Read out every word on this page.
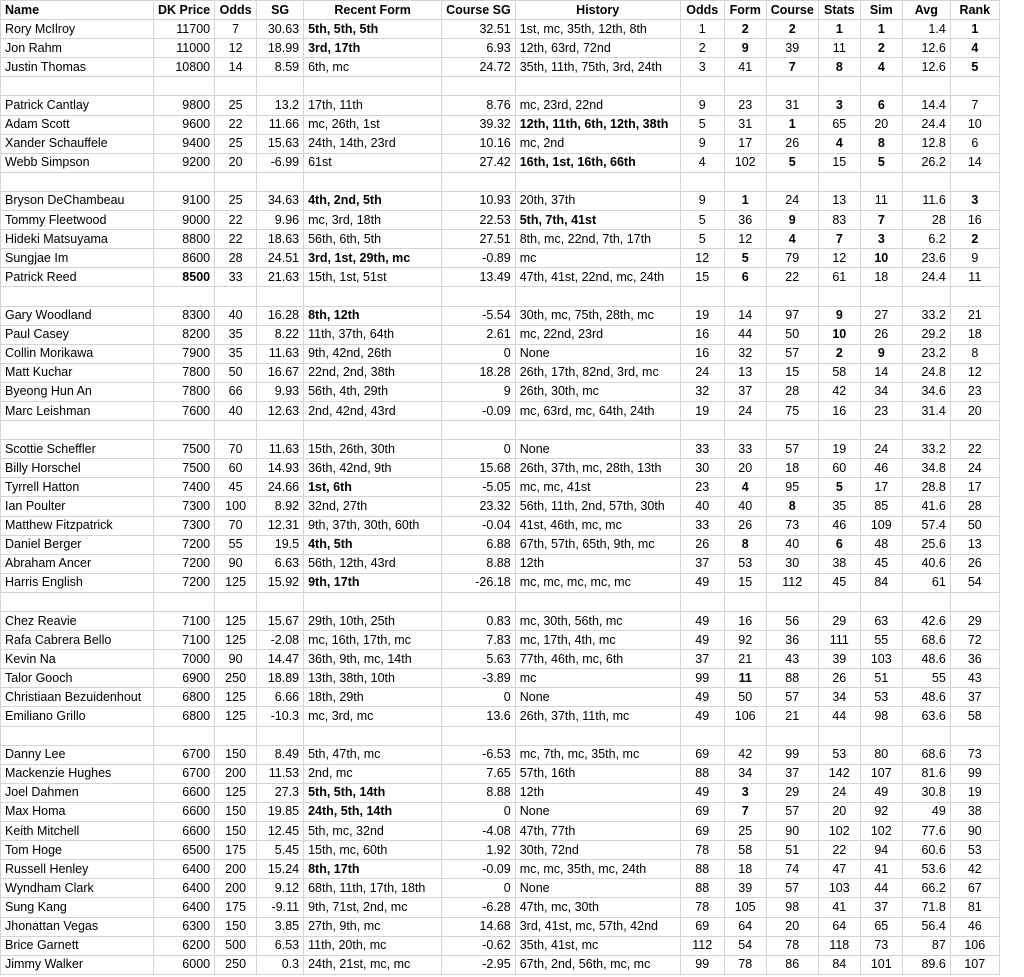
Name	DK Price	Odds	SG	Recent Form	Course SG	History	Odds	Form	Course	Stats	Sim	Avg	Rank
Rory McIlroy	11700	7	30.63	5th, 5th, 5th	32.51	1st, mc, 35th, 12th, 8th	1	2	2	1	1	1.4	1
Jon Rahm	11000	12	18.99	3rd, 17th	6.93	12th, 63rd, 72nd	2	9	39	11	2	12.6	4
Justin Thomas	10800	14	8.59	6th, mc	24.72	35th, 11th, 75th, 3rd, 24th	3	41	7	8	4	12.6	5

Patrick Cantlay	9800	25	13.2	17th, 11th	8.76	mc, 23rd, 22nd	9	23	31	3	6	14.4	7
Adam Scott	9600	22	11.66	mc, 26th, 1st	39.32	12th, 11th, 6th, 12th, 38th	5	31	1	65	20	24.4	10
Xander Schauffele	9400	25	15.63	24th, 14th, 23rd	10.16	mc, 2nd	9	17	26	4	8	12.8	6
Webb Simpson	9200	20	-6.99	61st	27.42	16th, 1st, 16th, 66th	4	102	5	15	5	26.2	14

Bryson DeChambeau	9100	25	34.63	4th, 2nd, 5th	10.93	20th, 37th	9	1	24	13	11	11.6	3
Tommy Fleetwood	9000	22	9.96	mc, 3rd, 18th	22.53	5th, 7th, 41st	5	36	9	83	7	28	16
Hideki Matsuyama	8800	22	18.63	56th, 6th, 5th	27.51	8th, mc, 22nd, 7th, 17th	5	12	4	7	3	6.2	2
Sungjae Im	8600	28	24.51	3rd, 1st, 29th, mc	-0.89	mc	12	5	79	12	10	23.6	9
Patrick Reed	8500	33	21.63	15th, 1st, 51st	13.49	47th, 41st, 22nd, mc, 24th	15	6	22	61	18	24.4	11

Gary Woodland	8300	40	16.28	8th, 12th	-5.54	30th, mc, 75th, 28th, mc	19	14	97	9	27	33.2	21
Paul Casey	8200	35	8.22	11th, 37th, 64th	2.61	mc, 22nd, 23rd	16	44	50	10	26	29.2	18
Collin Morikawa	7900	35	11.63	9th, 42nd, 26th	0	None	16	32	57	2	9	23.2	8
Matt Kuchar	7800	50	16.67	22nd, 2nd, 38th	18.28	26th, 17th, 82nd, 3rd, mc	24	13	15	58	14	24.8	12
Byeong Hun An	7800	66	9.93	56th, 4th, 29th	9	26th, 30th, mc	32	37	28	42	34	34.6	23
Marc Leishman	7600	40	12.63	2nd, 42nd, 43rd	-0.09	mc, 63rd, mc, 64th, 24th	19	24	75	16	23	31.4	20

Scottie Scheffler	7500	70	11.63	15th, 26th, 30th	0	None	33	33	57	19	24	33.2	22
Billy Horschel	7500	60	14.93	36th, 42nd, 9th	15.68	26th, 37th, mc, 28th, 13th	30	20	18	60	46	34.8	24
Tyrrell Hatton	7400	45	24.66	1st, 6th	-5.05	mc, mc, 41st	23	4	95	5	17	28.8	17
Ian Poulter	7300	100	8.92	32nd, 27th	23.32	56th, 11th, 2nd, 57th, 30th	40	40	8	35	85	41.6	28
Matthew Fitzpatrick	7300	70	12.31	9th, 37th, 30th, 60th	-0.04	41st, 46th, mc, mc	33	26	73	46	109	57.4	50
Daniel Berger	7200	55	19.5	4th, 5th	6.88	67th, 57th, 65th, 9th, mc	26	8	40	6	48	25.6	13
Abraham Ancer	7200	90	6.63	56th, 12th, 43rd	8.88	12th	37	53	30	38	45	40.6	26
Harris English	7200	125	15.92	9th, 17th	-26.18	mc, mc, mc, mc, mc	49	15	112	45	84	61	54

Chez Reavie	7100	125	15.67	29th, 10th, 25th	0.83	mc, 30th, 56th, mc	49	16	56	29	63	42.6	29
Rafa Cabrera Bello	7100	125	-2.08	mc, 16th, 17th, mc	7.83	mc, 17th, 4th, mc	49	92	36	111	55	68.6	72
Kevin Na	7000	90	14.47	36th, 9th, mc, 14th	5.63	77th, 46th, mc, 6th	37	21	43	39	103	48.6	36
Talor Gooch	6900	250	18.89	13th, 38th, 10th	-3.89	mc	99	11	88	26	51	55	43
Christiaan Bezuidenhout	6800	125	6.66	18th, 29th	0	None	49	50	57	34	53	48.6	37
Emiliano Grillo	6800	125	-10.3	mc, 3rd, mc	13.6	26th, 37th, 11th, mc	49	106	21	44	98	63.6	58

Danny Lee	6700	150	8.49	5th, 47th, mc	-6.53	mc, 7th, mc, 35th, mc	69	42	99	53	80	68.6	73
Mackenzie Hughes	6700	200	11.53	2nd, mc	7.65	57th, 16th	88	34	37	142	107	81.6	99
Joel Dahmen	6600	125	27.3	5th, 5th, 14th	8.88	12th	49	3	29	24	49	30.8	19
Max Homa	6600	150	19.85	24th, 5th, 14th	0	None	69	7	57	20	92	49	38
Keith Mitchell	6600	150	12.45	5th, mc, 32nd	-4.08	47th, 77th	69	25	90	102	102	77.6	90
Tom Hoge	6500	175	5.45	15th, mc, 60th	1.92	30th, 72nd	78	58	51	22	94	60.6	53
Russell Henley	6400	200	15.24	8th, 17th	-0.09	mc, mc, 35th, mc, 24th	88	18	74	47	41	53.6	42
Wyndham Clark	6400	200	9.12	68th, 11th, 17th, 18th	0	None	88	39	57	103	44	66.2	67
Sung Kang	6400	175	-9.11	9th, 71st, 2nd, mc	-6.28	47th, mc, 30th	78	105	98	41	37	71.8	81
Jhonattan Vegas	6300	150	3.85	27th, 9th, mc	14.68	3rd, 41st, mc, 57th, 42nd	69	64	20	64	65	56.4	46
Brice Garnett	6200	500	6.53	11th, 20th, mc	-0.62	35th, 41st, mc	112	54	78	118	73	87	106
Jimmy Walker	6000	250	0.3	24th, 21st, mc, mc	-2.95	67th, 2nd, 56th, mc, mc	99	78	86	84	101	89.6	107
